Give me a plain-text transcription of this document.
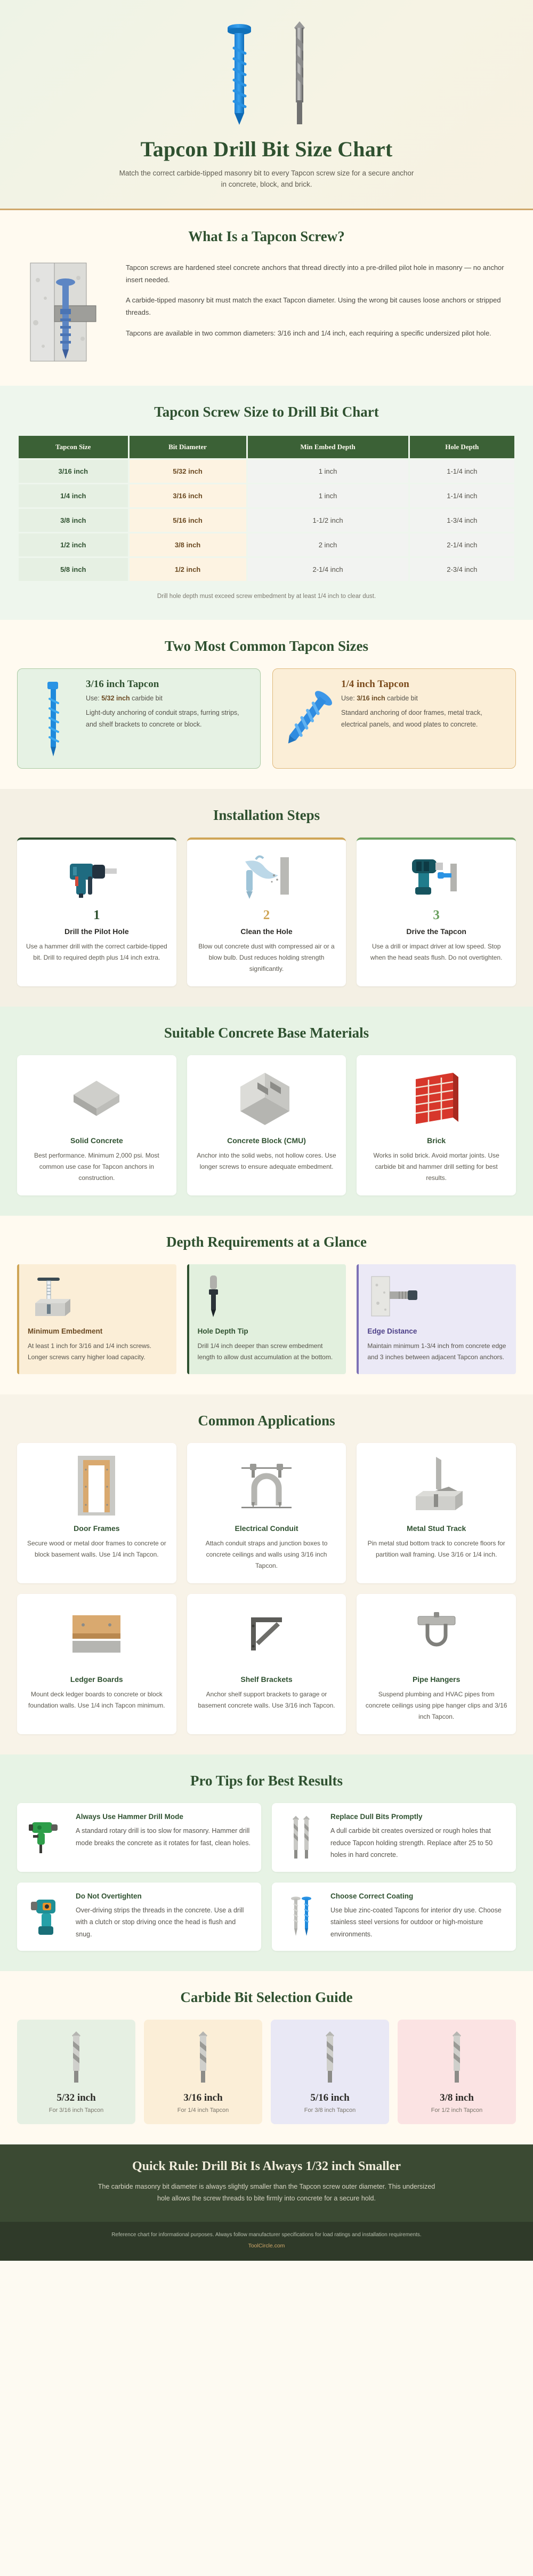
Tapcon Drill Bit Size Chart
Match the correct carbide-tipped masonry bit to every Tapcon screw size for a secure anchor in concrete, block, and brick.
What Is a Tapcon Screw?

Tapcon screws are hardened steel concrete anchors that thread directly into a pre-drilled pilot hole in masonry — no anchor insert needed.

A carbide-tipped masonry bit must match the exact Tapcon diameter. Using the wrong bit causes loose anchors or stripped threads.

Tapcons are available in two common diameters: 3/16 inch and 1/4 inch, each requiring a specific undersized pilot hole.

Tapcon Screw Size to Drill Bit Chart
Tapcon Size	Bit Diameter	Min Embed Depth	Hole Depth
3/16 inch	5/32 inch	1 inch	1-1/4 inch
1/4 inch	3/16 inch	1 inch	1-1/4 inch
3/8 inch	5/16 inch	1-1/2 inch	1-3/4 inch
1/2 inch	3/8 inch	2 inch	2-1/4 inch
5/8 inch	1/2 inch	2-1/4 inch	2-3/4 inch
Drill hole depth must exceed screw embedment by at least 1/4 inch to clear dust.
Two Most Common Tapcon Sizes
3/16 inch Tapcon
Use: 5/32 inch carbide bit
Light-duty anchoring of conduit straps, furring strips, and shelf brackets to concrete or block.
1/4 inch Tapcon
Use: 3/16 inch carbide bit
Standard anchoring of door frames, metal track, electrical panels, and wood plates to concrete.
Installation Steps
1
Drill the Pilot Hole
Use a hammer drill with the correct carbide-tipped bit. Drill to required depth plus 1/4 inch extra.
2
Clean the Hole
Blow out concrete dust with compressed air or a blow bulb. Dust reduces holding strength significantly.
3
Drive the Tapcon
Use a drill or impact driver at low speed. Stop when the head seats flush. Do not overtighten.
Suitable Concrete Base Materials
Solid Concrete
Best performance. Minimum 2,000 psi. Most common use case for Tapcon anchors in construction.
Concrete Block (CMU)
Anchor into the solid webs, not hollow cores. Use longer screws to ensure adequate embedment.
Brick
Works in solid brick. Avoid mortar joints. Use carbide bit and hammer drill setting for best results.
Depth Requirements at a Glance
Minimum Embedment
At least 1 inch for 3/16 and 1/4 inch screws. Longer screws carry higher load capacity.
Hole Depth Tip
Drill 1/4 inch deeper than screw embedment length to allow dust accumulation at the bottom.
Edge Distance
Maintain minimum 1-3/4 inch from concrete edge and 3 inches between adjacent Tapcon anchors.
Common Applications
Door Frames
Secure wood or metal door frames to concrete or block basement walls. Use 1/4 inch Tapcon.
Electrical Conduit
Attach conduit straps and junction boxes to concrete ceilings and walls using 3/16 inch Tapcon.
Metal Stud Track
Pin metal stud bottom track to concrete floors for partition wall framing. Use 3/16 or 1/4 inch.
Ledger Boards
Mount deck ledger boards to concrete or block foundation walls. Use 1/4 inch Tapcon minimum.
Shelf Brackets
Anchor shelf support brackets to garage or basement concrete walls. Use 3/16 inch Tapcon.
Pipe Hangers
Suspend plumbing and HVAC pipes from concrete ceilings using pipe hanger clips and 3/16 inch Tapcon.
Pro Tips for Best Results
Always Use Hammer Drill Mode
A standard rotary drill is too slow for masonry. Hammer drill mode breaks the concrete as it rotates for fast, clean holes.
Replace Dull Bits Promptly
A dull carbide bit creates oversized or rough holes that reduce Tapcon holding strength. Replace after 25 to 50 holes in hard concrete.
Do Not Overtighten
Over-driving strips the threads in the concrete. Use a drill with a clutch or stop driving once the head is flush and snug.
Choose Correct Coating
Use blue zinc-coated Tapcons for interior dry use. Choose stainless steel versions for outdoor or high-moisture environments.
Carbide Bit Selection Guide
5/32 inch
For 3/16 inch Tapcon
3/16 inch
For 1/4 inch Tapcon
5/16 inch
For 3/8 inch Tapcon
3/8 inch
For 1/2 inch Tapcon
Quick Rule: Drill Bit Is Always 1/32 inch Smaller

The carbide masonry bit diameter is always slightly smaller than the Tapcon screw outer diameter. This undersized hole allows the screw threads to bite firmly into concrete for a secure hold.

Reference chart for informational purposes. Always follow manufacturer specifications for load ratings and installation requirements.
ToolCircle.com
